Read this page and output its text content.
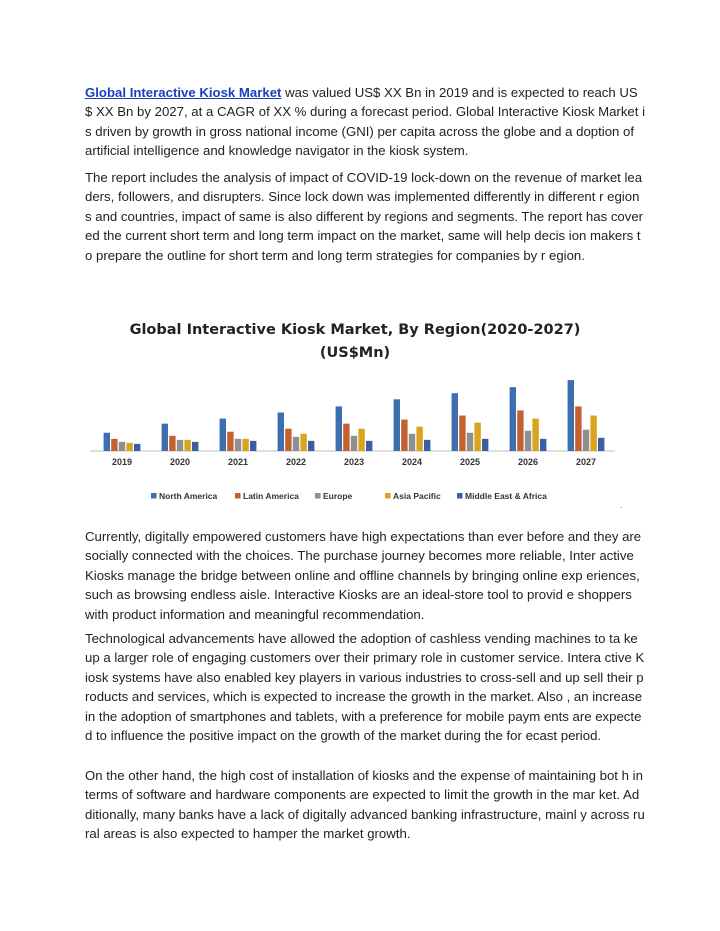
Global Interactive Kiosk Market was valued US$ XX Bn in 2019 and is expected to reach US$ XX Bn by 2027, at a CAGR of XX % during a forecast period. Global Interactive Kiosk Market is driven by growth in gross national income (GNI) per capita across the globe and a doption of artificial intelligence and knowledge navigator in the kiosk system.

The report includes the analysis of impact of COVID-19 lock-down on the revenue of market leaders, followers, and disrupters. Since lock down was implemented differently in different r egions and countries, impact of same is also different by regions and segments. The report has covered the current short term and long term impact on the market, same will help decis ion makers to prepare the outline for short term and long term strategies for companies by r egion.

Global Interactive Kiosk Market, By Region(2020-2027)
(US$Mn)
2019	2020	2021	2022	2023	2024	2025	2026	2027
North America	Latin America	Europe	Asia Pacific	Middle East & Africa
.

Currently, digitally empowered customers have high expectations than ever before and they are socially connected with the choices. The purchase journey becomes more reliable, Inter active Kiosks manage the bridge between online and offline channels by bringing online exp eriences, such as browsing endless aisle. Interactive Kiosks are an ideal-store tool to provid e shoppers with product information and meaningful recommendation.

Technological advancements have allowed the adoption of cashless vending machines to ta ke up a larger role of engaging customers over their primary role in customer service. Intera ctive Kiosk systems have also enabled key players in various industries to cross-sell and up sell their products and services, which is expected to increase the growth in the market. Also , an increase in the adoption of smartphones and tablets, with a preference for mobile paym ents are expected to influence the positive impact on the growth of the market during the for ecast period.

On the other hand, the high cost of installation of kiosks and the expense of maintaining bot h in terms of software and hardware components are expected to limit the growth in the mar ket. Additionally, many banks have a lack of digitally advanced banking infrastructure, mainl y across rural areas is also expected to hamper the market growth.
